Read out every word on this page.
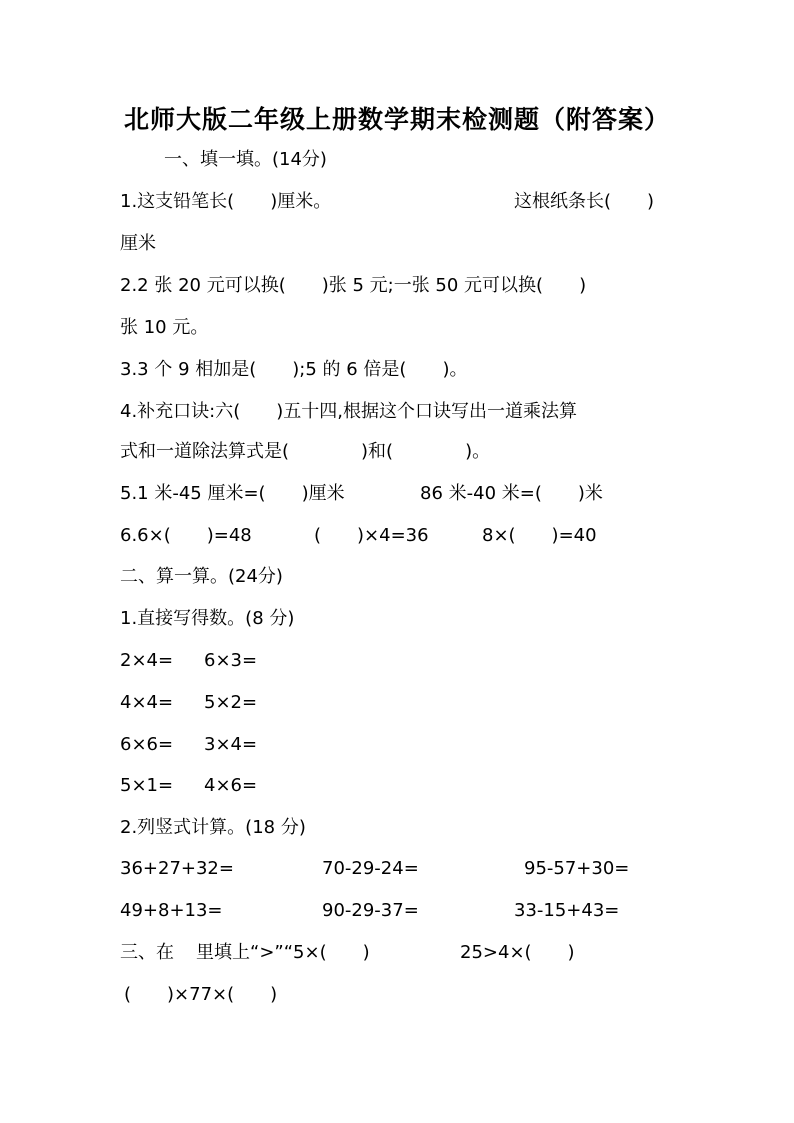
北师大版二年级上册数学期末检测题（附答案）
一、填一填。(14分)
1.这支铅笔长(　　)厘米。	这根纸条长(　　)
厘米
2.2 张 20 元可以换(　　)张 5 元;一张 50 元可以换(　　)
张 10 元。
3.3 个 9 相加是(　　);5 的 6 倍是(　　)。
4.补充口诀:六(　　)五十四,根据这个口诀写出一道乘法算
式和一道除法算式是(　　　　)和(　　　　)。
5.1 米-45 厘米=(　　)厘米	86 米-40 米=(　　)米
6.6×(　　)=48	(　　)×4=36	8×(　　)=40
二、算一算。(24分)
1.直接写得数。(8 分)
2×4= 6×3=
4×4= 5×2=
6×6= 3×4=
5×1= 4×6=
2.列竖式计算。(18 分)
36+27+32=	70-29-24=	95-57+30=
49+8+13=	90-29-37=	33-15+43=
三、在 里填上“>”“5×(　　)	25>4×(　　)
(　　)×77×(　　)
